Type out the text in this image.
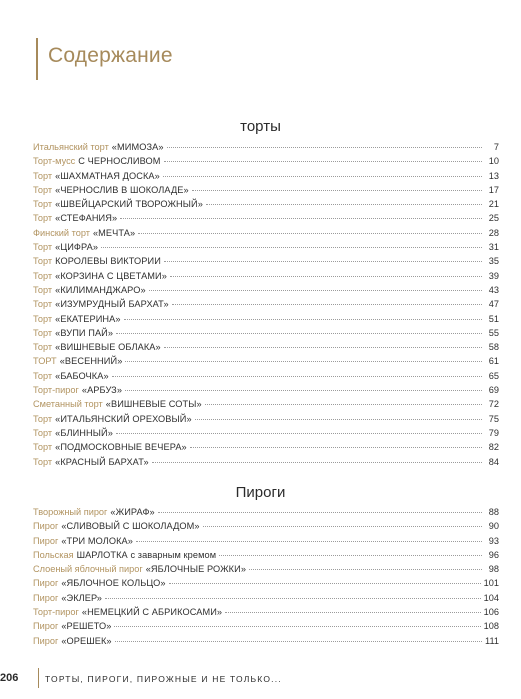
Содержание
торты
Итальянский торт «МИМОЗА»	7
Торт-мусс С ЧЕРНОСЛИВОМ	10
Торт «ШАХМАТНАЯ ДОСКА»	13
Торт «ЧЕРНОСЛИВ В ШОКОЛАДЕ»	17
Торт «ШВЕЙЦАРСКИЙ ТВОРОЖНЫЙ»	21
Торт «СТЕФАНИЯ»	25
Финский торт «МЕЧТА»	28
Торт «ЦИФРА»	31
Торт КОРОЛЕВЫ ВИКТОРИИ	35
Торт «КОРЗИНА С ЦВЕТАМИ»	39
Торт «КИЛИМАНДЖАРО»	43
Торт «ИЗУМРУДНЫЙ БАРХАТ»	47
Торт «ЕКАТЕРИНА»	51
Торт «ВУПИ ПАЙ»	55
Торт «ВИШНЕВЫЕ ОБЛАКА»	58
ТОРТ «ВЕСЕННИЙ»	61
Торт «БАБОЧКА»	65
Торт-пирог «АРБУЗ»	69
Сметанный торт «ВИШНЕВЫЕ СОТЫ»	72
Торт «ИТАЛЬЯНСКИЙ ОРЕХОВЫЙ»	75
Торт «БЛИННЫЙ»	79
Торт «ПОДМОСКОВНЫЕ ВЕЧЕРА»	82
Торт «КРАСНЫЙ БАРХАТ»	84
Пироги
Творожный пирог «ЖИРАФ»	88
Пирог «СЛИВОВЫЙ С ШОКОЛАДОМ»	90
Пирог «ТРИ МОЛОКА»	93
Польская ШАРЛОТКА с заварным кремом	96
Слоеный яблочный пирог «ЯБЛОЧНЫЕ РОЖКИ»	98
Пирог «ЯБЛОЧНОЕ КОЛЬЦО»	101
Пирог «ЭКЛЕР»	104
Торт-пирог «НЕМЕЦКИЙ С АБРИКОСАМИ»	106
Пирог «РЕШЕТО»	108
Пирог «ОРЕШЕК»	111
206	ТОРТЫ, ПИРОГИ, ПИРОЖНЫЕ И НЕ ТОЛЬКО...
